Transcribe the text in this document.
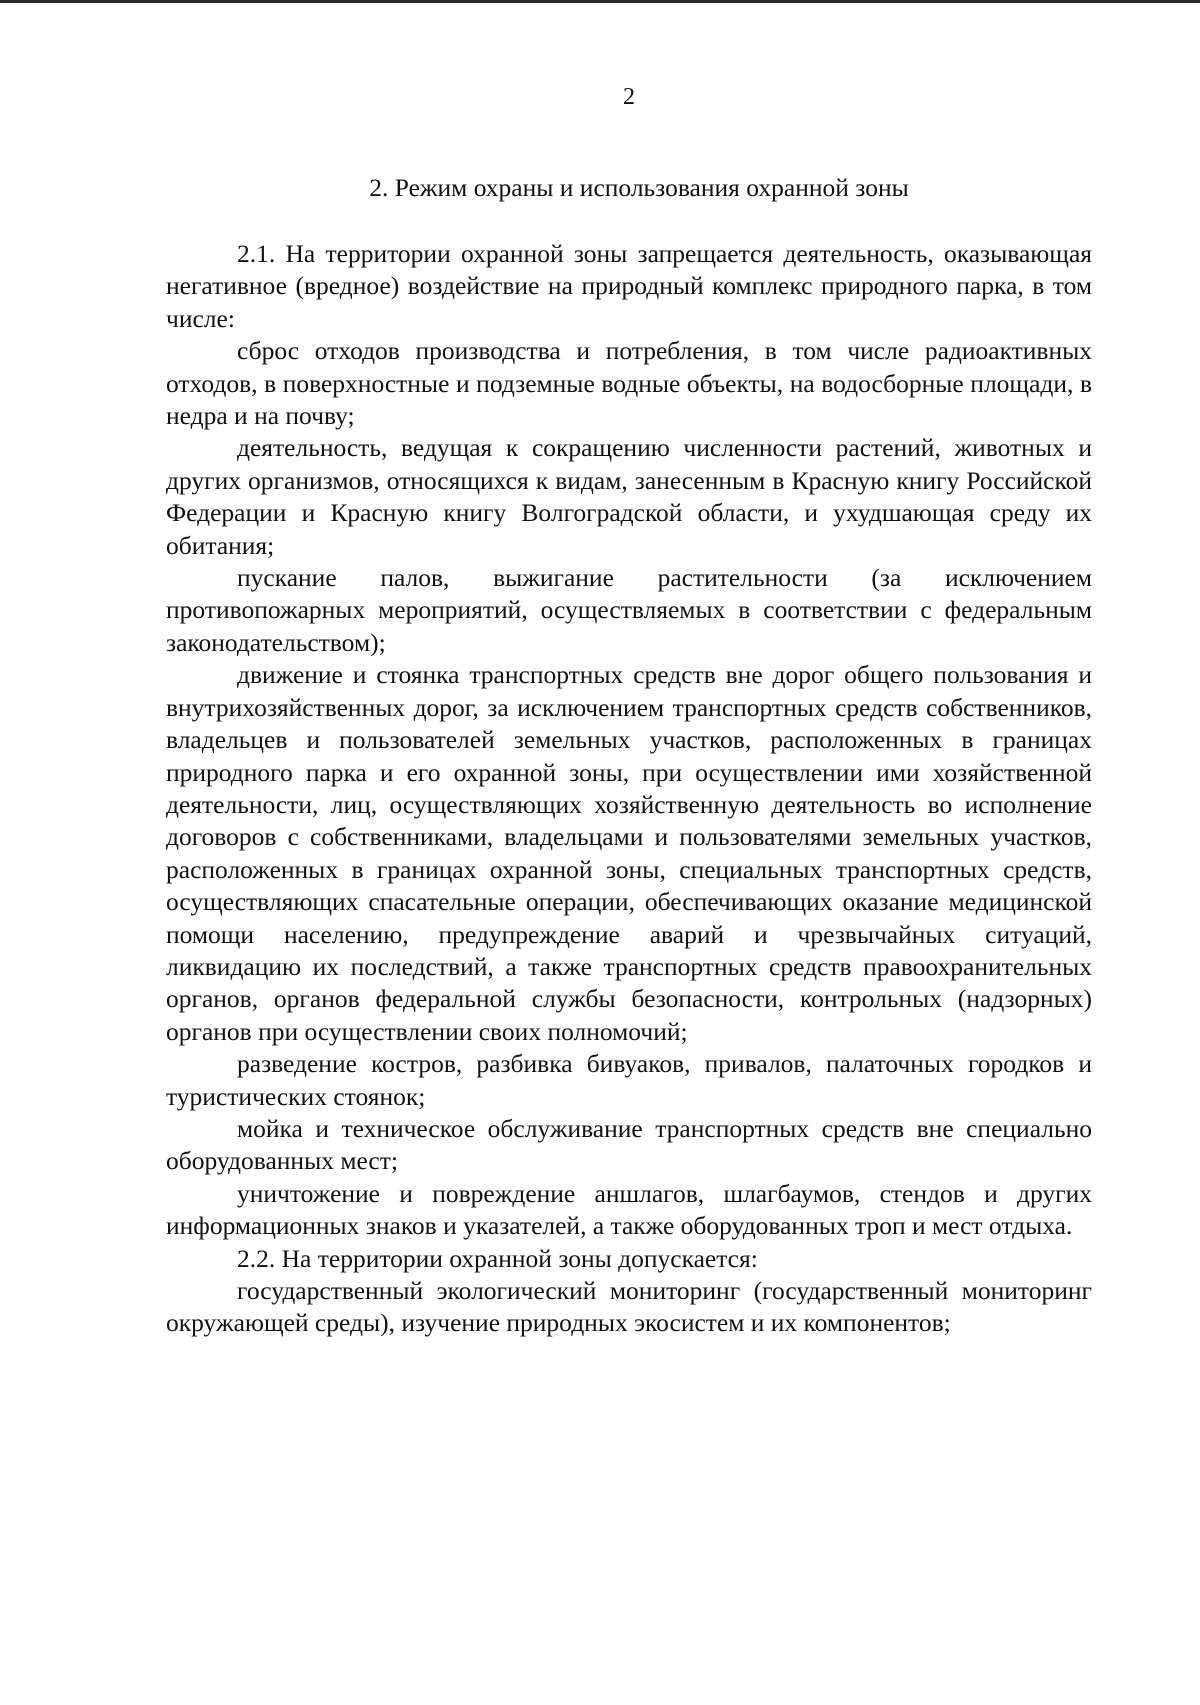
2
2. Режим охраны и использования охранной зоны

2.1. На территории охранной зоны запрещается деятельность, оказывающая негативное (вредное) воздействие на природный комплекс природного парка, в том числе:

сброс отходов производства и потребления, в том числе радиоактивных отходов, в поверхностные и подземные водные объекты, на водосборные площади, в недра и на почву;

деятельность, ведущая к сокращению численности растений, животных и других организмов, относящихся к видам, занесенным в Красную книгу Российской Федерации и Красную книгу Волгоградской области, и ухудшающая среду их обитания;

пускание палов, выжигание растительности (за исключением противопожарных мероприятий, осуществляемых в соответствии с федеральным законодательством);

движение и стоянка транспортных средств вне дорог общего пользования и внутрихозяйственных дорог, за исключением транспортных средств собственников, владельцев и пользователей земельных участков, расположенных в границах природного парка и его охранной зоны, при осуществлении ими хозяйственной деятельности, лиц, осуществляющих хозяйственную деятельность во исполнение договоров с собственниками, владельцами и пользователями земельных участков, расположенных в границах охранной зоны, специальных транспортных средств, осуществляющих спасательные операции, обеспечивающих оказание медицинской помощи населению, предупреждение аварий и чрезвычайных ситуаций, ликвидацию их последствий, а также транспортных средств правоохранительных органов, органов федеральной службы безопасности, контрольных (надзорных) органов при осуществлении своих полномочий;

разведение костров, разбивка бивуаков, привалов, палаточных городков и туристических стоянок;

мойка и техническое обслуживание транспортных средств вне специально оборудованных мест;

уничтожение и повреждение аншлагов, шлагбаумов, стендов и других информационных знаков и указателей, а также оборудованных троп и мест отдыха.

2.2. На территории охранной зоны допускается:

государственный экологический мониторинг (государственный мониторинг окружающей среды), изучение природных экосистем и их компонентов;
